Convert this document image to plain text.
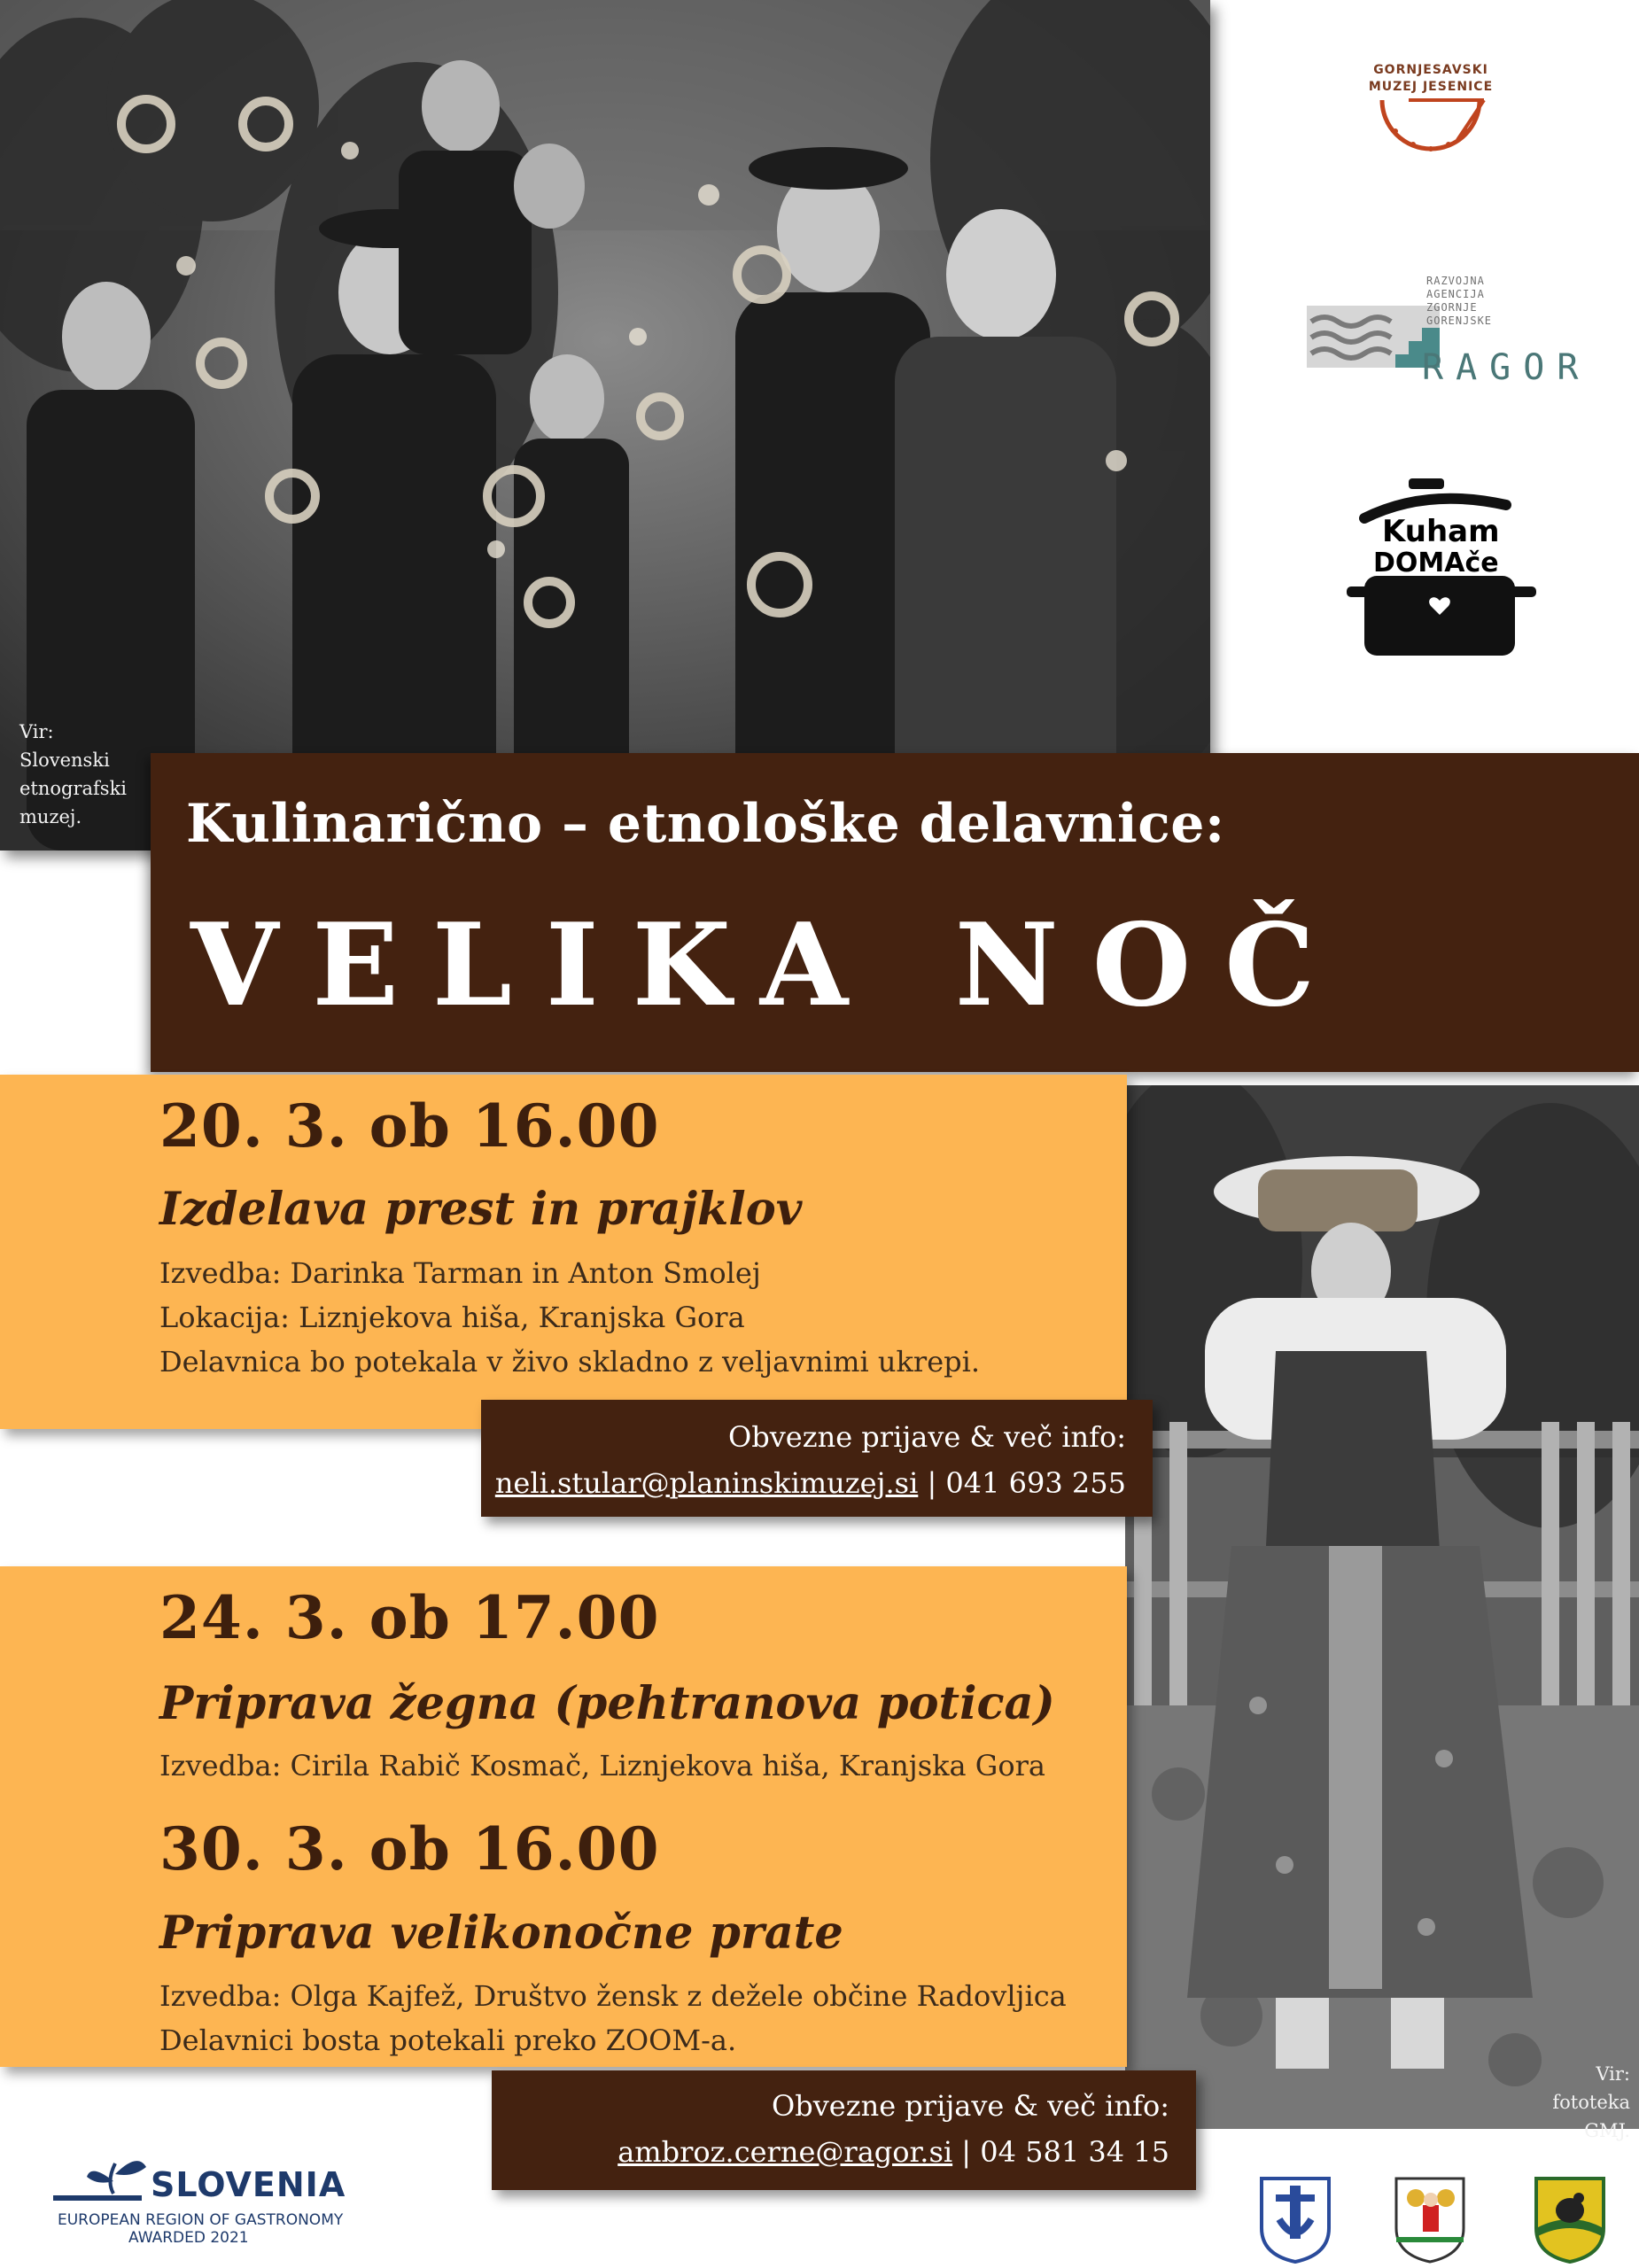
Vir:
Slovenski
etnografski
muzej.
GORNJESAVSKI
MUZEJ JESENICE
RAZVOJNA AGENCIJA
ZGORNJE GORENJSKE
RAGOR
Kuham
DOMAče
Kulinarično – etnološke delavnice:
VELIKA NOČ
Vir:
fototeka GMJ.
20. 3. ob 16.00
Izdelava prest in prajklov
Izvedba: Darinka Tarman in Anton Smolej
Lokacija: Liznjekova hiša, Kranjska Gora
Delavnica bo potekala v živo skladno z veljavnimi ukrepi.
Obvezne prijave & več info:
neli.stular@planinskimuzej.si | 041 693 255
24. 3. ob 17.00
Priprava žegna (pehtranova potica)
Izvedba: Cirila Rabič Kosmač, Liznjekova hiša, Kranjska Gora
30. 3. ob 16.00
Priprava velikonočne prate
Izvedba: Olga Kajfež, Društvo žensk z dežele občine Radovljica
Delavnici bosta potekali preko ZOOM-a.
Obvezne prijave & več info:
ambroz.cerne@ragor.si | 04 581 34 15
SLOVENIA
EUROPEAN REGION OF GASTRONOMY
AWARDED 2021
